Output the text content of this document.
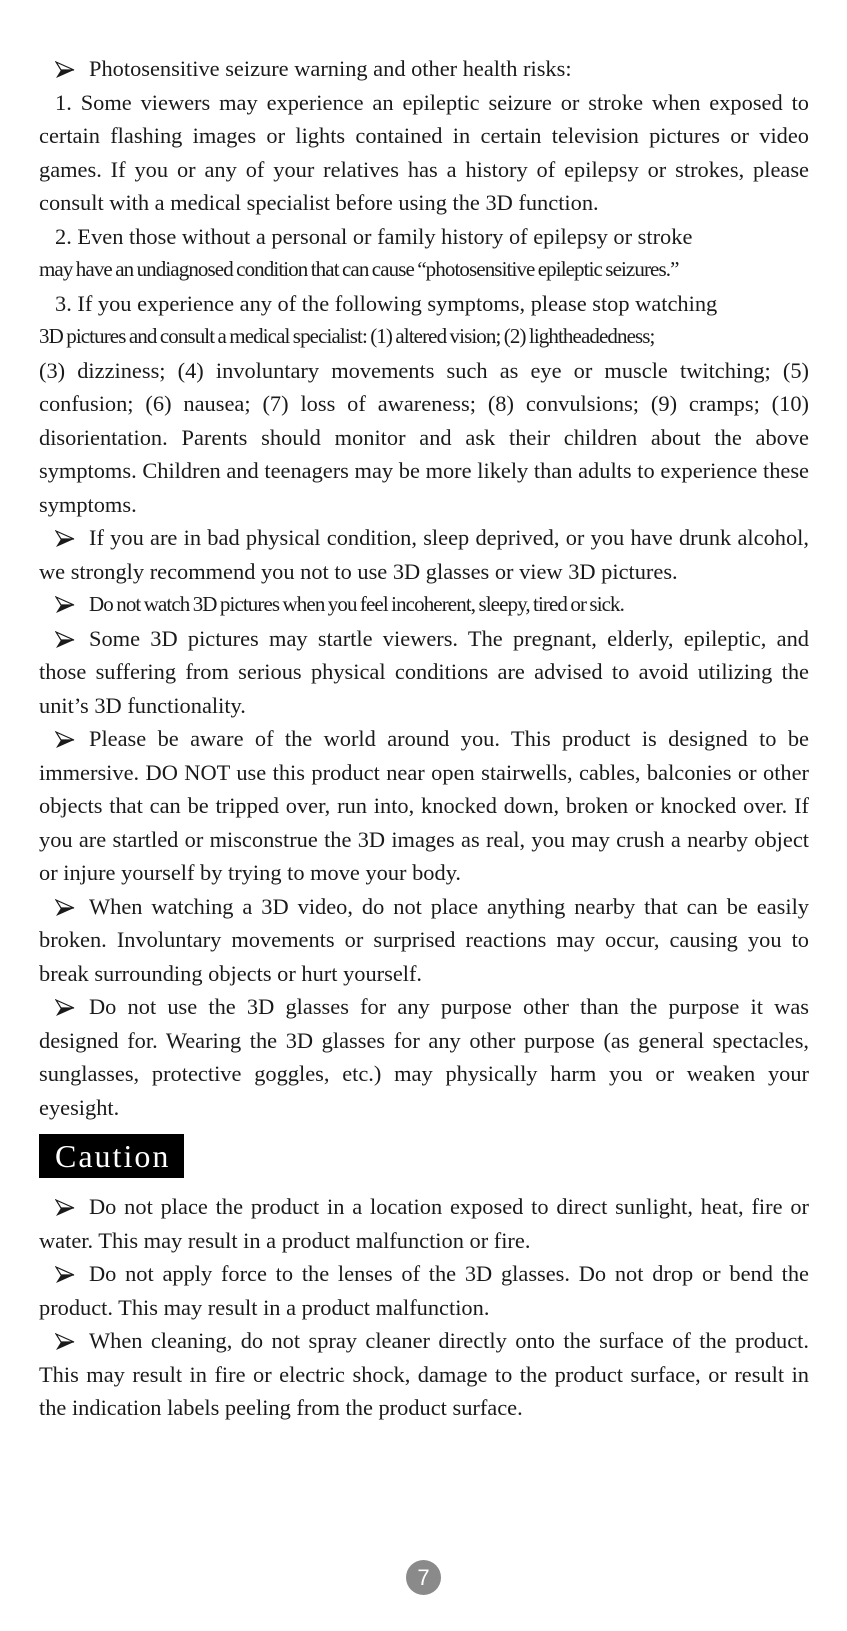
Photosensitive seizure warning and other health risks:

1. Some viewers may experience an epileptic seizure or stroke when exposed to certain flashing images or lights contained in certain television pictures or video games. If you or any of your relatives has a history of epilepsy or strokes, please consult with a medical specialist before using the 3D function.

2. Even those without a personal or family history of epilepsy or stroke

may have an undiagnosed condition that can cause “photosensitive epileptic seizures.”

3. If you experience any of the following symptoms, please stop watching

3D pictures and consult a medical specialist: (1) altered vision; (2) lightheadedness;

(3) dizziness; (4) involuntary movements such as eye or muscle twitching; (5) confusion; (6) nausea; (7) loss of awareness; (8) convulsions; (9) cramps; (10) disorientation. Parents should monitor and ask their children about the above symptoms. Children and teenagers may be more likely than adults to experience these symptoms.

If you are in bad physical condition, sleep deprived, or you have drunk alcohol, we strongly recommend you not to use 3D glasses or view 3D pictures.

Do not watch 3D pictures when you feel incoherent, sleepy, tired or sick.

Some 3D pictures may startle viewers. The pregnant, elderly, epileptic, and those suffering from serious physical conditions are advised to avoid utilizing the unit’s 3D functionality.

Please be aware of the world around you. This product is designed to be immersive. DO NOT use this product near open stairwells, cables, balconies or other objects that can be tripped over, run into, knocked down, broken or knocked over. If you are startled or misconstrue the 3D images as real, you may crush a nearby object or injure yourself by trying to move your body.

When watching a 3D video, do not place anything nearby that can be easily broken. Involuntary movements or surprised reactions may occur, causing you to break surrounding objects or hurt yourself.

Do not use the 3D glasses for any purpose other than the purpose it was designed for. Wearing the 3D glasses for any other purpose (as general spectacles, sunglasses, protective goggles, etc.) may physically harm you or weaken your eyesight.

Caution

Do not place the product in a location exposed to direct sunlight, heat, fire or water. This may result in a product malfunction or fire.

Do not apply force to the lenses of the 3D glasses. Do not drop or bend the product. This may result in a product malfunction.

When cleaning, do not spray cleaner directly onto the surface of the product. This may result in fire or electric shock, damage to the product surface, or result in the indication labels peeling from the product surface.

7
